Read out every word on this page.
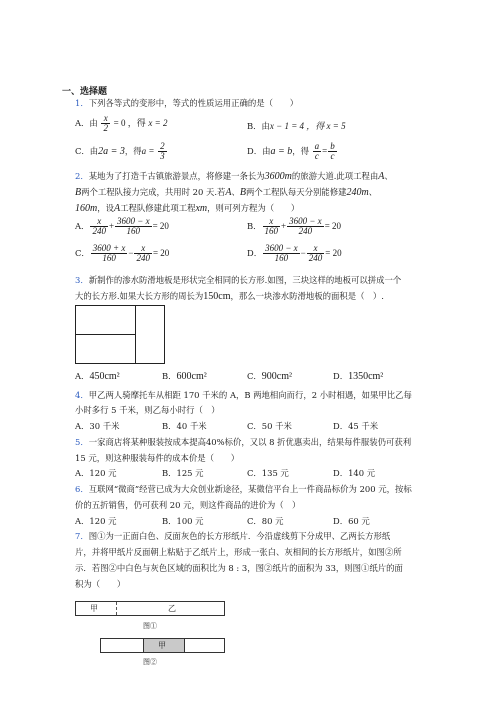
一、选择题
1．下列各等式的变形中，等式的性质运用正确的是（　　）
A．由 $\frac{x}{2} = 0$ ，得 x = 2	B．由x − 1 = 4 ，得 x = 5
C．由2a = 3，得$a = \frac{2}{3}$	D．由a = b，得 $\frac{a}{c} = \frac{b}{c}$
2．某地为了打造千古镇旅游景点，将修建一条长为3600m的旅游大道.此项工程由A、
B两个工程队接力完成，共用时 20 天.若A、B两个工程队每天分别能修建240m、
160m，设A工程队修建此项工程xm，则可列方程为（　　）
A． $\frac{x}{240} + \frac{3600 - x}{160} = 20$	B． $\frac{x}{160} + \frac{3600 - x}{240} = 20$
C． $\frac{3600 + x}{160} - \frac{x}{240} = 20$	D． $\frac{3600 - x}{160} - \frac{x}{240} = 20$
3．新制作的渗水防滑地板是形状完全相同的长方形.如图，三块这样的地板可以拼成一个
大的长方形.如果大长方形的周长为150cm，那么一块渗水防滑地板的面积是（　）.
A．450cm²	B．600cm²	C．900cm²	D．1350cm²
4．甲乙两人骑摩托车从相距 170 千米的 A，B 两地相向而行，2 小时相遇，如果甲比乙每
小时多行 5 千米，则乙每小时行（　）
A．30 千米	B．40 千米	C．50 千米	D．45 千米
5．一家商店将某种服装按成本提高40%标价，又以 8 折优惠卖出，结果每件服装仍可获利
15 元，则这种服装每件的成本价是（　　）
A．120 元	B．125 元	C．135 元	D．140 元
6．互联网“微商”经营已成为大众创业新途径，某微信平台上一件商品标价为 200 元，按标
价的五折销售，仍可获利 20 元，则这件商品的进价为（　）
A．120 元	B．100 元	C．80 元	D．60 元
7．图①为一正面白色、反面灰色的长方形纸片．今沿虚线剪下分成甲、乙两长方形纸
片，并将甲纸片反面朝上粘贴于乙纸片上，形成一张白、灰相间的长方形纸片，如图②所
示．若图②中白色与灰色区域的面积比为 8 : 3，图②纸片的面积为 33，则图①纸片的面
积为（　　）
甲	乙
图①
甲
图②
